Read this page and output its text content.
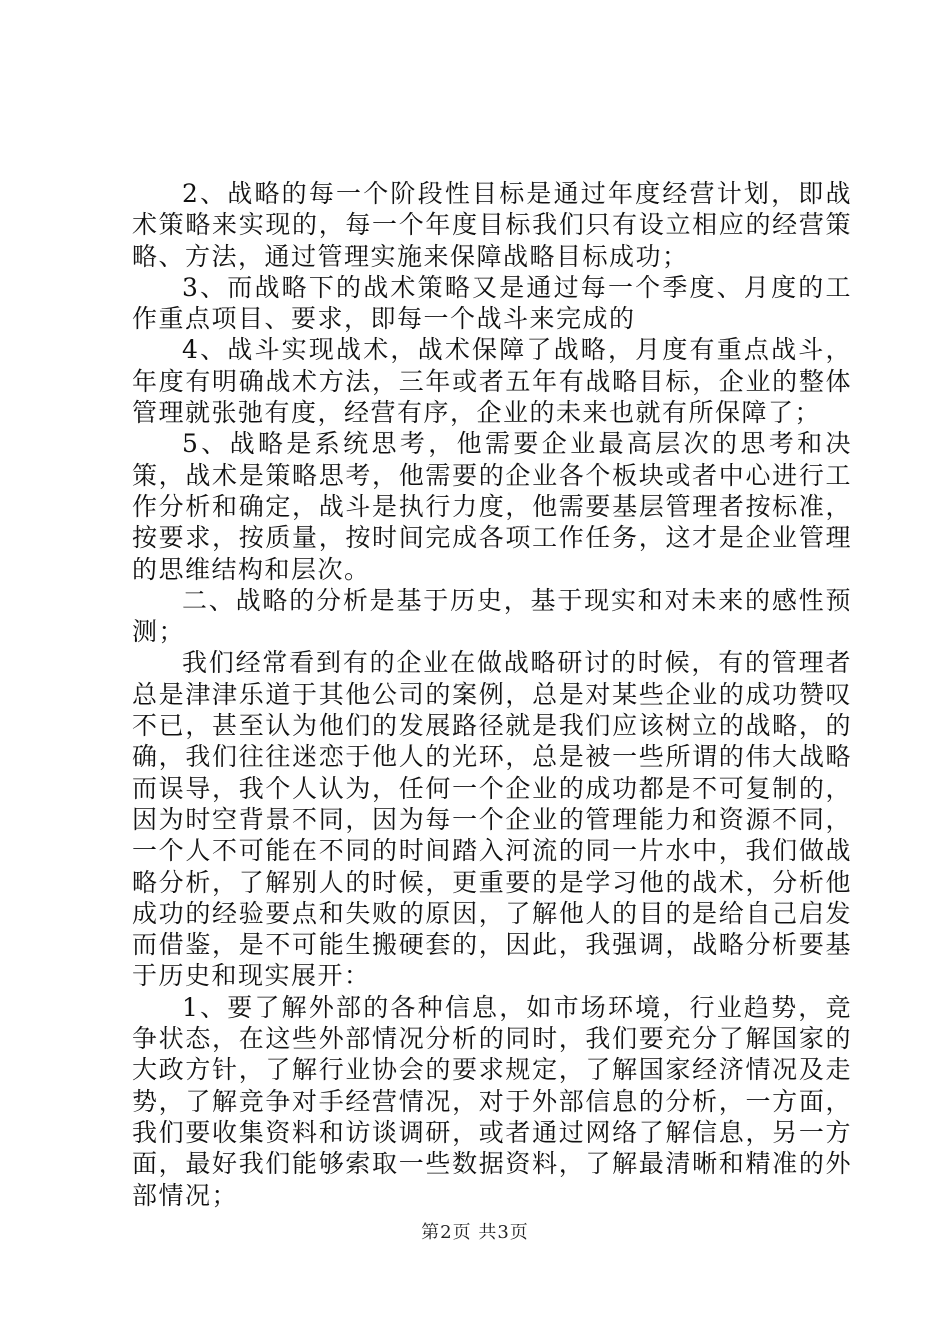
2、战略的每一个阶段性目标是通过年度经营计划，即战术策略来实现的，每一个年度目标我们只有设立相应的经营策略、方法，通过管理实施来保障战略目标成功；

3、而战略下的战术策略又是通过每一个季度、月度的工作重点项目、要求，即每一个战斗来完成的

4、战斗实现战术，战术保障了战略，月度有重点战斗，年度有明确战术方法，三年或者五年有战略目标，企业的整体管理就张弛有度，经营有序，企业的未来也就有所保障了；

5、战略是系统思考，他需要企业最高层次的思考和决策，战术是策略思考，他需要的企业各个板块或者中心进行工作分析和确定，战斗是执行力度，他需要基层管理者按标准，按要求，按质量，按时间完成各项工作任务，这才是企业管理的思维结构和层次。

二、战略的分析是基于历史，基于现实和对未来的感性预测；

我们经常看到有的企业在做战略研讨的时候，有的管理者总是津津乐道于其他公司的案例，总是对某些企业的成功赞叹不已，甚至认为他们的发展路径就是我们应该树立的战略，的确，我们往往迷恋于他人的光环，总是被一些所谓的伟大战略而误导，我个人认为，任何一个企业的成功都是不可复制的，因为时空背景不同，因为每一个企业的管理能力和资源不同，一个人不可能在不同的时间踏入河流的同一片水中，我们做战略分析，了解别人的时候，更重要的是学习他的战术，分析他成功的经验要点和失败的原因，了解他人的目的是给自己启发而借鉴，是不可能生搬硬套的，因此，我强调，战略分析要基于历史和现实展开：

1、要了解外部的各种信息，如市场环境，行业趋势，竞争状态，在这些外部情况分析的同时，我们要充分了解国家的大政方针，了解行业协会的要求规定，了解国家经济情况及走势，了解竞争对手经营情况，对于外部信息的分析，一方面，我们要收集资料和访谈调研，或者通过网络了解信息，另一方面，最好我们能够索取一些数据资料，了解最清晰和精准的外部情况；

第2页 共3页
